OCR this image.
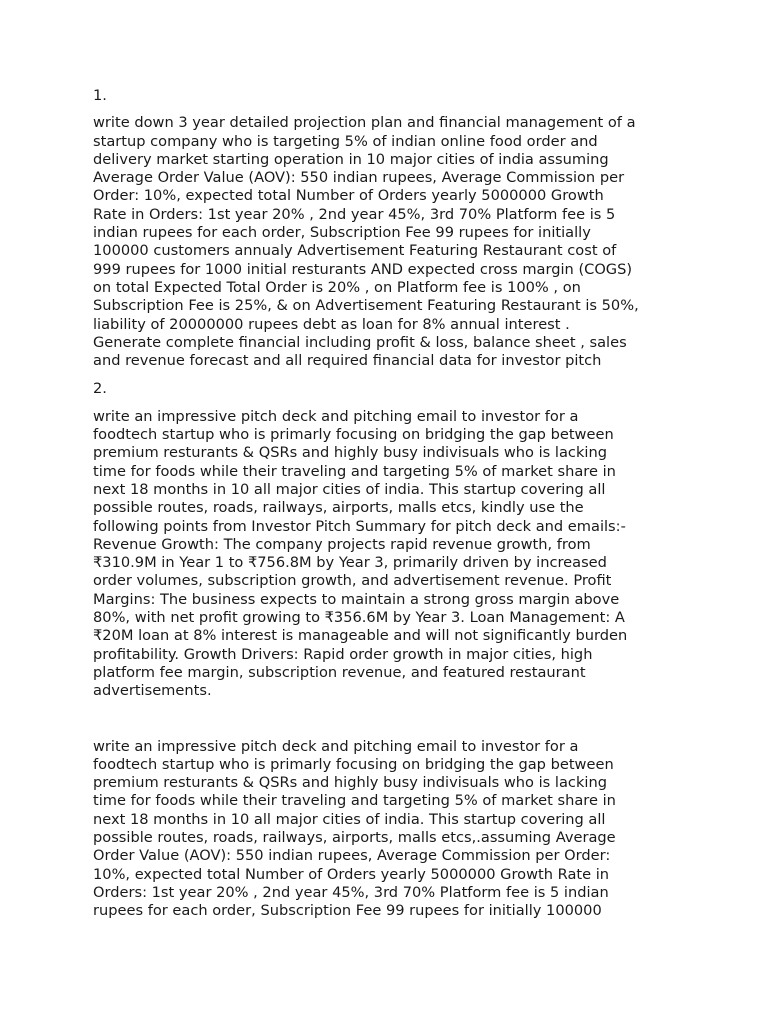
1.

write down 3 year detailed projection plan and financial management of a
startup company who is targeting 5% of indian online food order and
delivery market starting operation in 10 major cities of india assuming
Average Order Value (AOV): 550 indian rupees, Average Commission per
Order: 10%, expected total Number of Orders yearly 5000000 Growth
Rate in Orders: 1st year 20% , 2nd year 45%, 3rd 70% Platform fee is 5
indian rupees for each order, Subscription Fee 99 rupees for initially
100000 customers annualy Advertisement Featuring Restaurant cost of
999 rupees for 1000 initial resturants AND expected cross margin (COGS)
on total Expected Total Order is 20% , on Platform fee is 100% , on
Subscription Fee is 25%, & on Advertisement Featuring Restaurant is 50%,
liability of 20000000 rupees debt as loan for 8% annual interest .
Generate complete financial including profit & loss, balance sheet , sales
and revenue forecast and all required financial data for investor pitch

2.

write an impressive pitch deck and pitching email to investor for a
foodtech startup who is primarly focusing on bridging the gap between
premium resturants & QSRs and highly busy indivisuals who is lacking
time for foods while their traveling and targeting 5% of market share in
next 18 months in 10 all major cities of india. This startup covering all
possible routes, roads, railways, airports, malls etcs, kindly use the
following points from Investor Pitch Summary for pitch deck and emails:-
Revenue Growth: The company projects rapid revenue growth, from
₹310.9M in Year 1 to ₹756.8M by Year 3, primarily driven by increased
order volumes, subscription growth, and advertisement revenue. Profit
Margins: The business expects to maintain a strong gross margin above
80%, with net profit growing to ₹356.6M by Year 3. Loan Management: A
₹20M loan at 8% interest is manageable and will not significantly burden
profitability. Growth Drivers: Rapid order growth in major cities, high
platform fee margin, subscription revenue, and featured restaurant
advertisements.

write an impressive pitch deck and pitching email to investor for a
foodtech startup who is primarly focusing on bridging the gap between
premium resturants & QSRs and highly busy indivisuals who is lacking
time for foods while their traveling and targeting 5% of market share in
next 18 months in 10 all major cities of india. This startup covering all
possible routes, roads, railways, airports, malls etcs,.assuming Average
Order Value (AOV): 550 indian rupees, Average Commission per Order:
10%, expected total Number of Orders yearly 5000000 Growth Rate in
Orders: 1st year 20% , 2nd year 45%, 3rd 70% Platform fee is 5 indian
rupees for each order, Subscription Fee 99 rupees for initially 100000
